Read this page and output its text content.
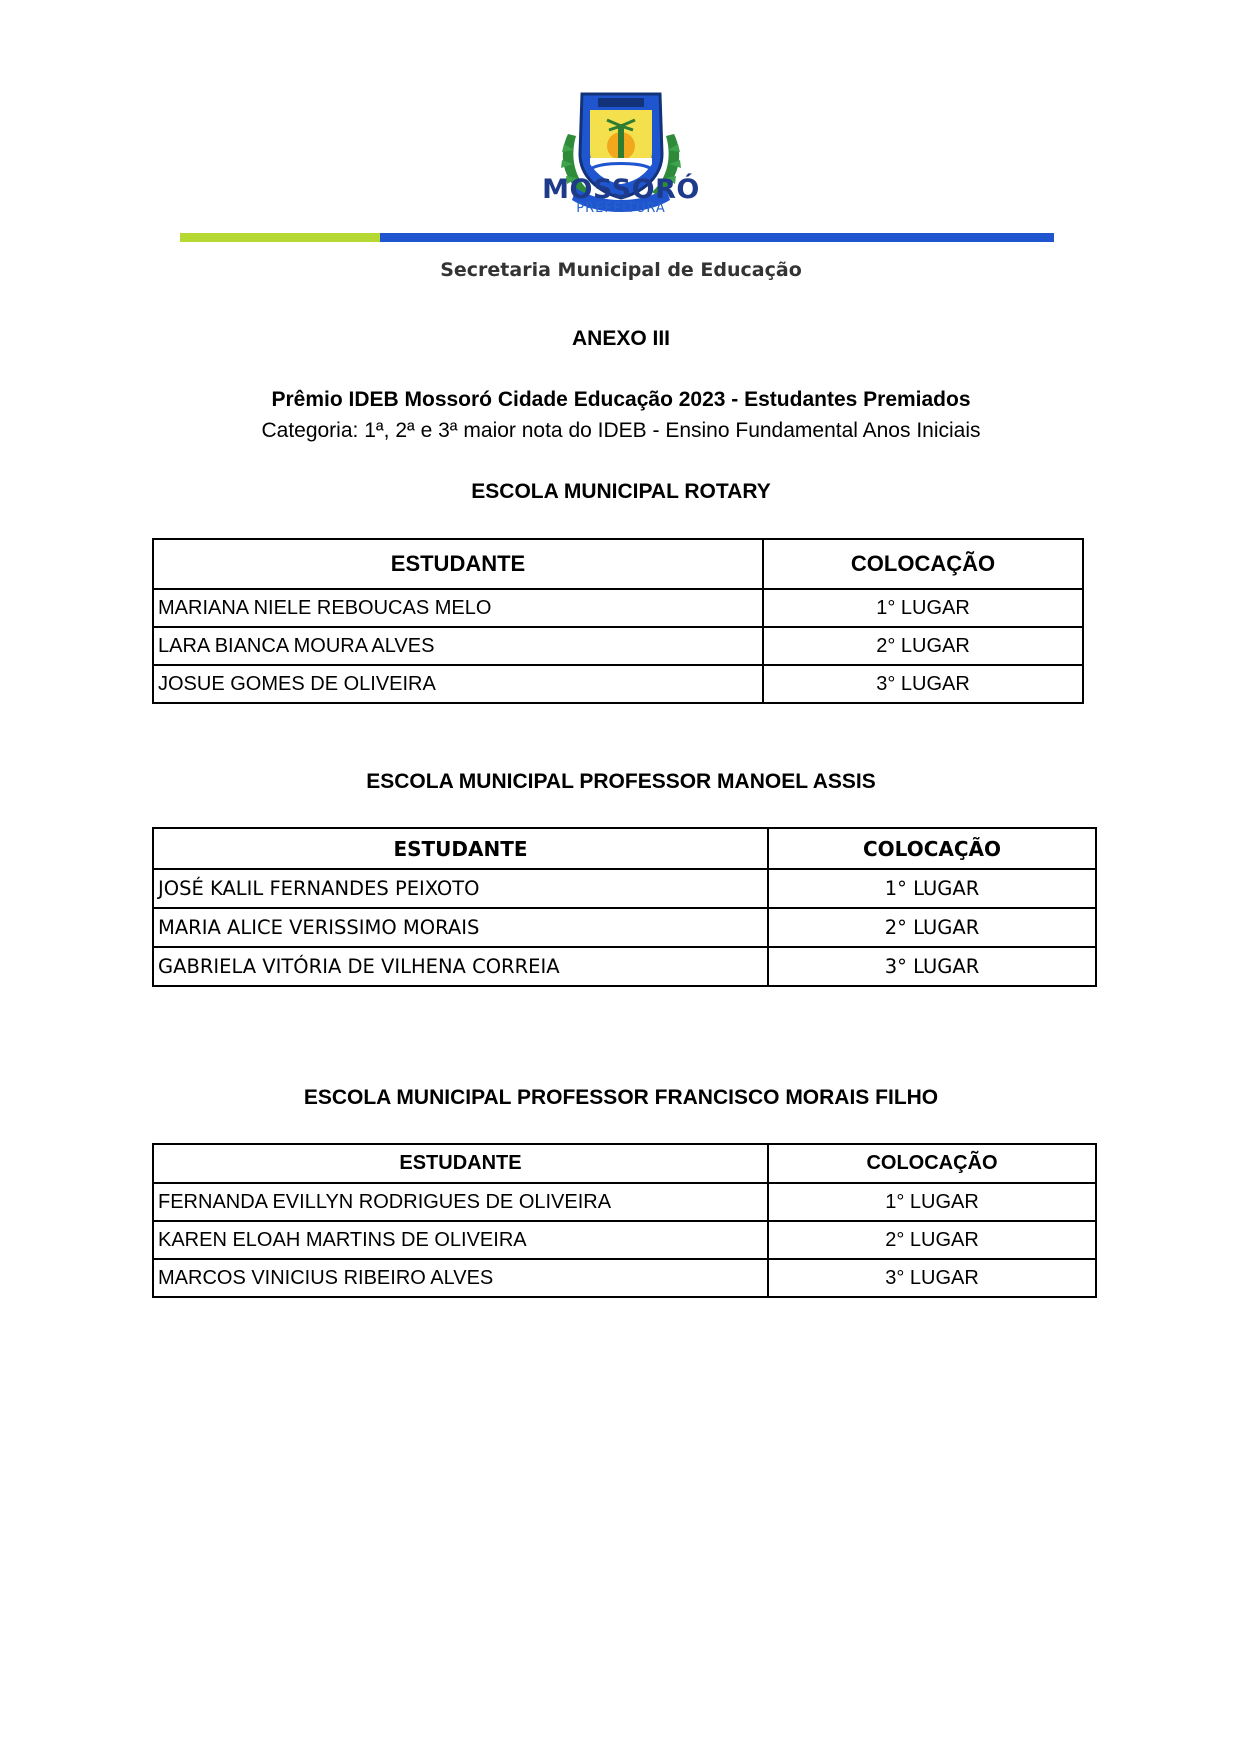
MOSSORÓ
PREFEITURA
Secretaria Municipal de Educação
ANEXO III
Prêmio IDEB Mossoró Cidade Educação 2023 - Estudantes Premiados
Categoria: 1ª, 2ª e 3ª maior nota do IDEB - Ensino Fundamental Anos Iniciais
ESCOLA MUNICIPAL ROTARY
ESTUDANTE	COLOCAÇÃO
MARIANA NIELE REBOUCAS MELO	1° LUGAR
LARA BIANCA MOURA ALVES	2° LUGAR
JOSUE GOMES DE OLIVEIRA	3° LUGAR
ESCOLA MUNICIPAL PROFESSOR MANOEL ASSIS
ESTUDANTE	COLOCAÇÃO
JOSÉ KALIL FERNANDES PEIXOTO	1° LUGAR
MARIA ALICE VERISSIMO MORAIS	2° LUGAR
GABRIELA VITÓRIA DE VILHENA CORREIA	3° LUGAR
ESCOLA MUNICIPAL PROFESSOR FRANCISCO MORAIS FILHO
ESTUDANTE	COLOCAÇÃO
FERNANDA EVILLYN RODRIGUES DE OLIVEIRA	1° LUGAR
KAREN ELOAH MARTINS DE OLIVEIRA	2° LUGAR
MARCOS VINICIUS RIBEIRO ALVES	3° LUGAR
